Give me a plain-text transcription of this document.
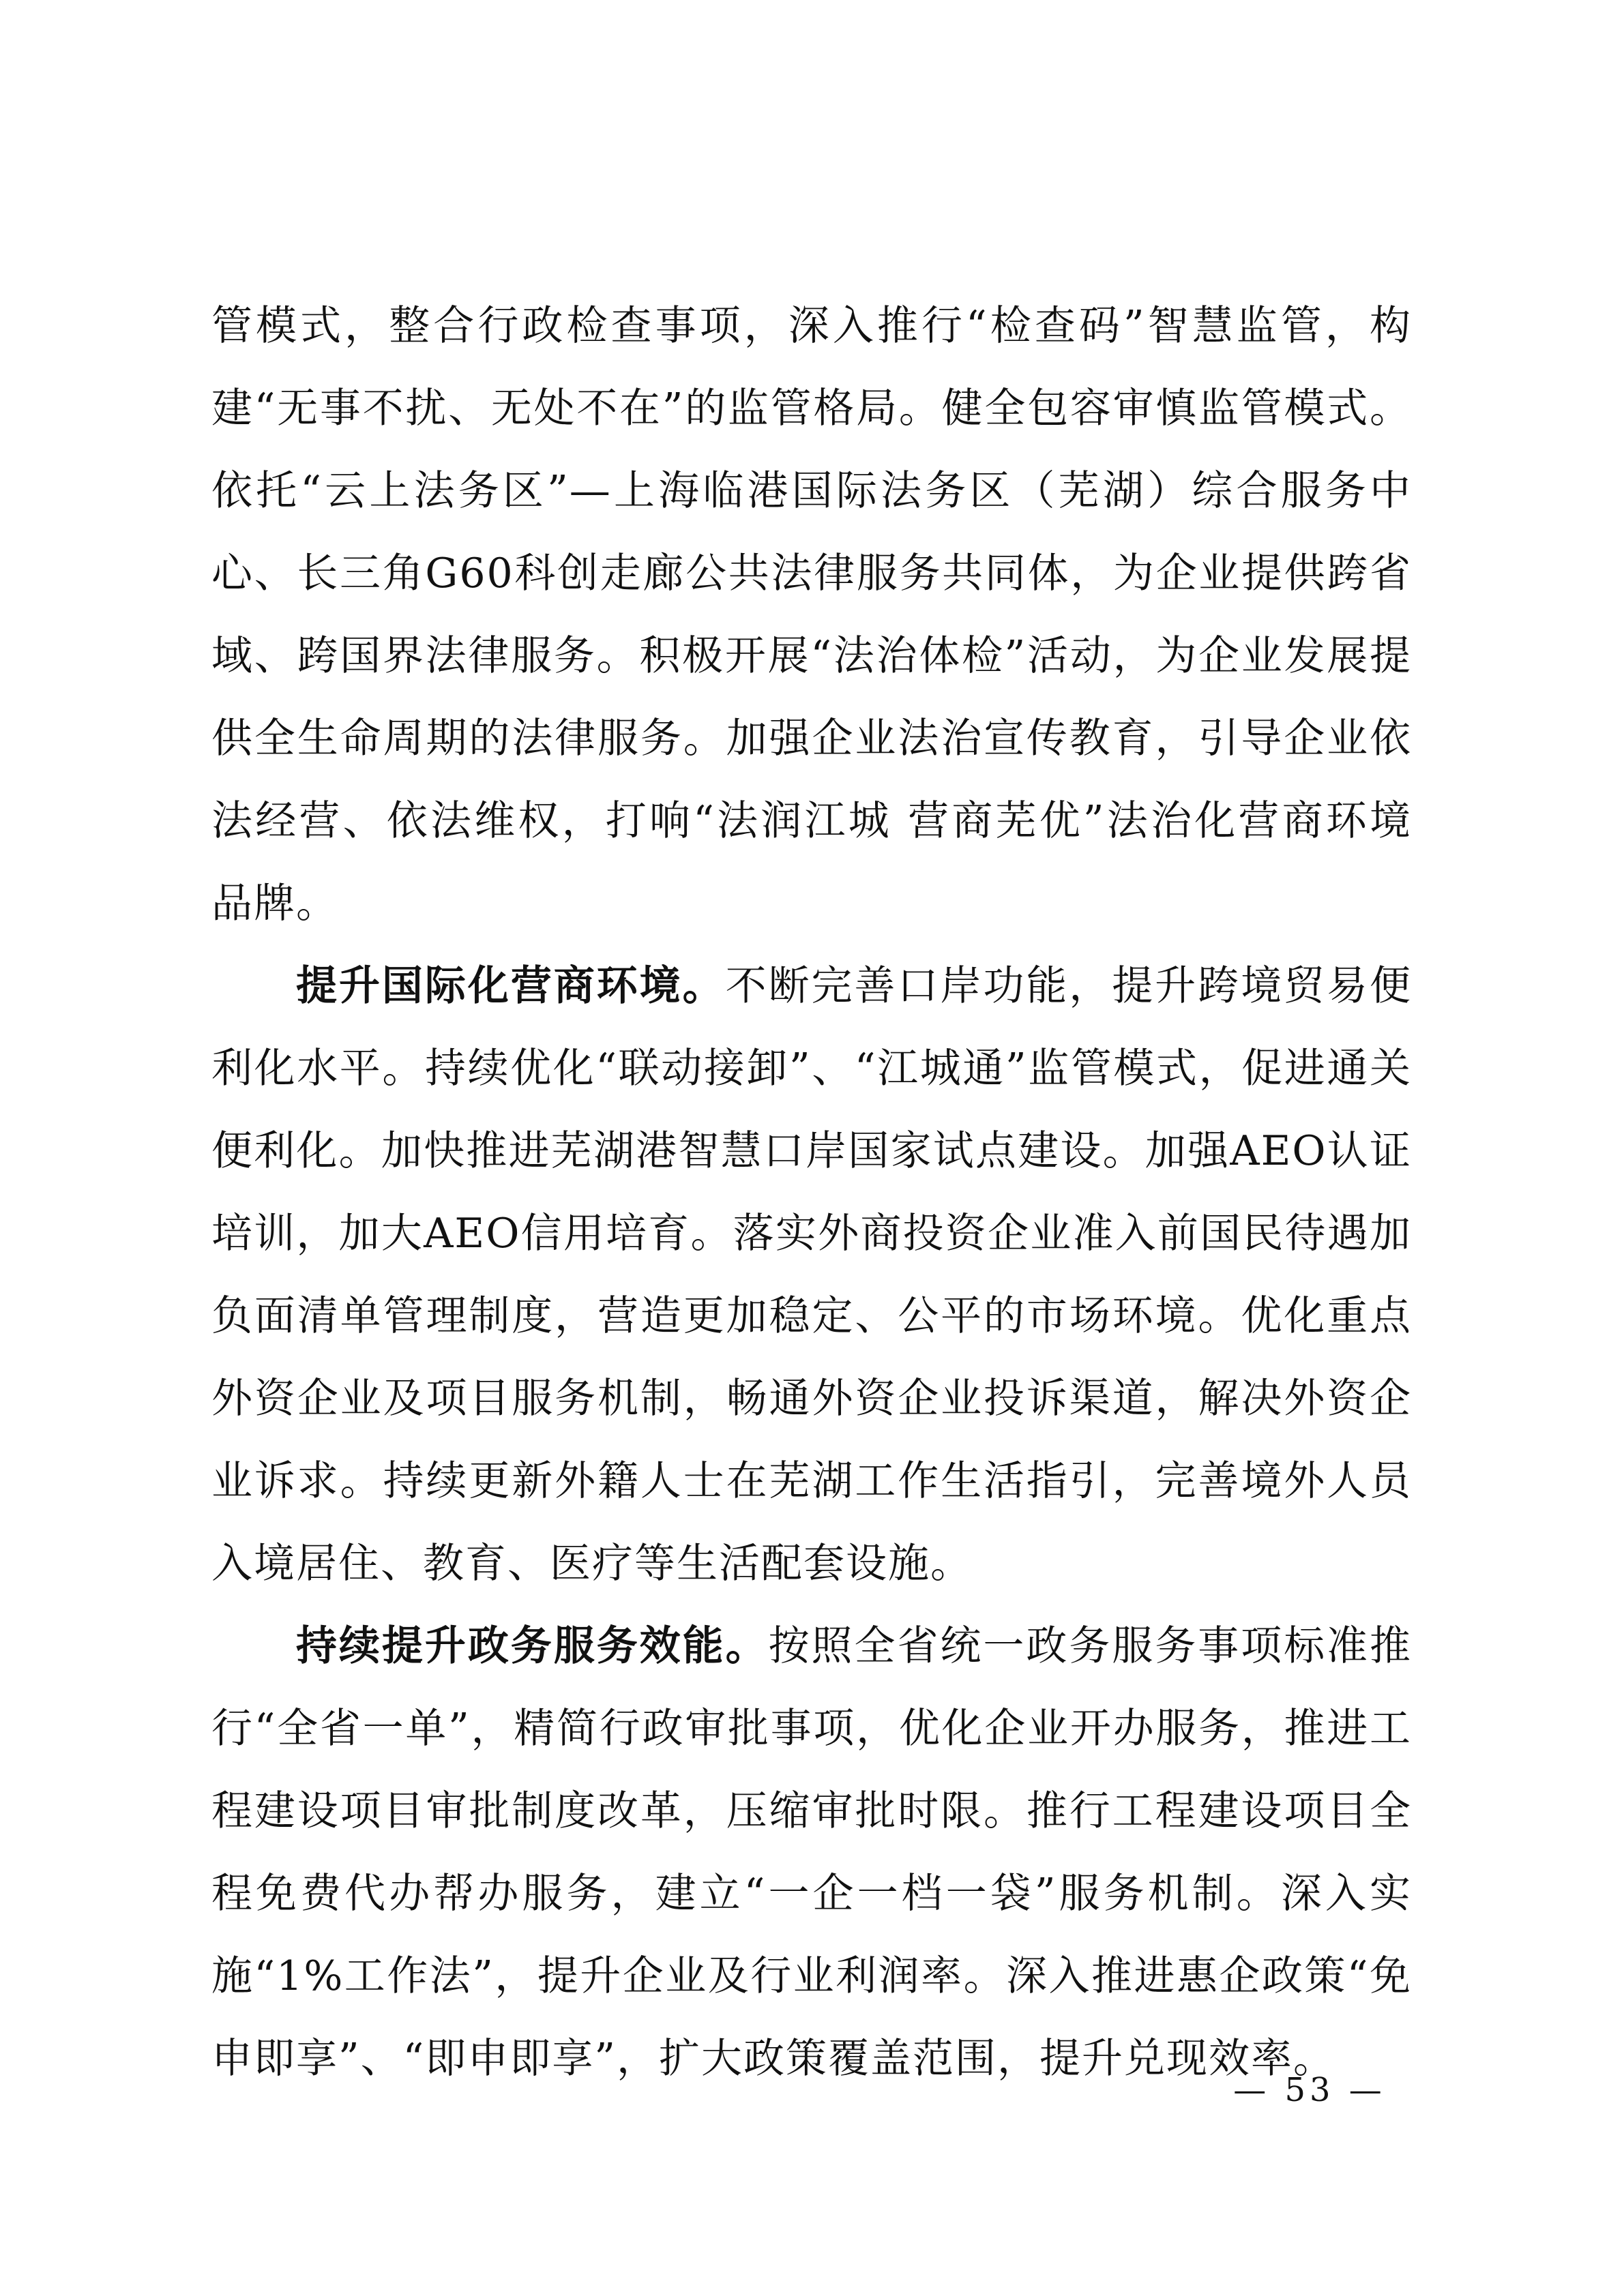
管模式，整合行政检查事项，深入推行“检查码”智慧监管，构建“无事不扰、无处不在”的监管格局。健全包容审慎监管模式。依托“云上法务区”—上海临港国际法务区（芜湖）综合服务中心、长三角G60科创走廊公共法律服务共同体，为企业提供跨省域、跨国界法律服务。积极开展“法治体检”活动，为企业发展提供全生命周期的法律服务。加强企业法治宣传教育，引导企业依法经营、依法维权，打响“法润江城 营商芜优”法治化营商环境品牌。

提升国际化营商环境。不断完善口岸功能，提升跨境贸易便利化水平。持续优化“联动接卸”、“江城通”监管模式，促进通关便利化。加快推进芜湖港智慧口岸国家试点建设。加强AEO认证培训，加大AEO信用培育。落实外商投资企业准入前国民待遇加负面清单管理制度，营造更加稳定、公平的市场环境。优化重点外资企业及项目服务机制，畅通外资企业投诉渠道，解决外资企业诉求。持续更新外籍人士在芜湖工作生活指引，完善境外人员入境居住、教育、医疗等生活配套设施。

持续提升政务服务效能。按照全省统一政务服务事项标准推行“全省一单”，精简行政审批事项，优化企业开办服务，推进工程建设项目审批制度改革，压缩审批时限。推行工程建设项目全程免费代办帮办服务，建立“一企一档一袋”服务机制。深入实施“1%工作法”，提升企业及行业利润率。深入推进惠企政策“免申即享”、“即申即享”，扩大政策覆盖范围，提升兑现效率。

— 53 —
